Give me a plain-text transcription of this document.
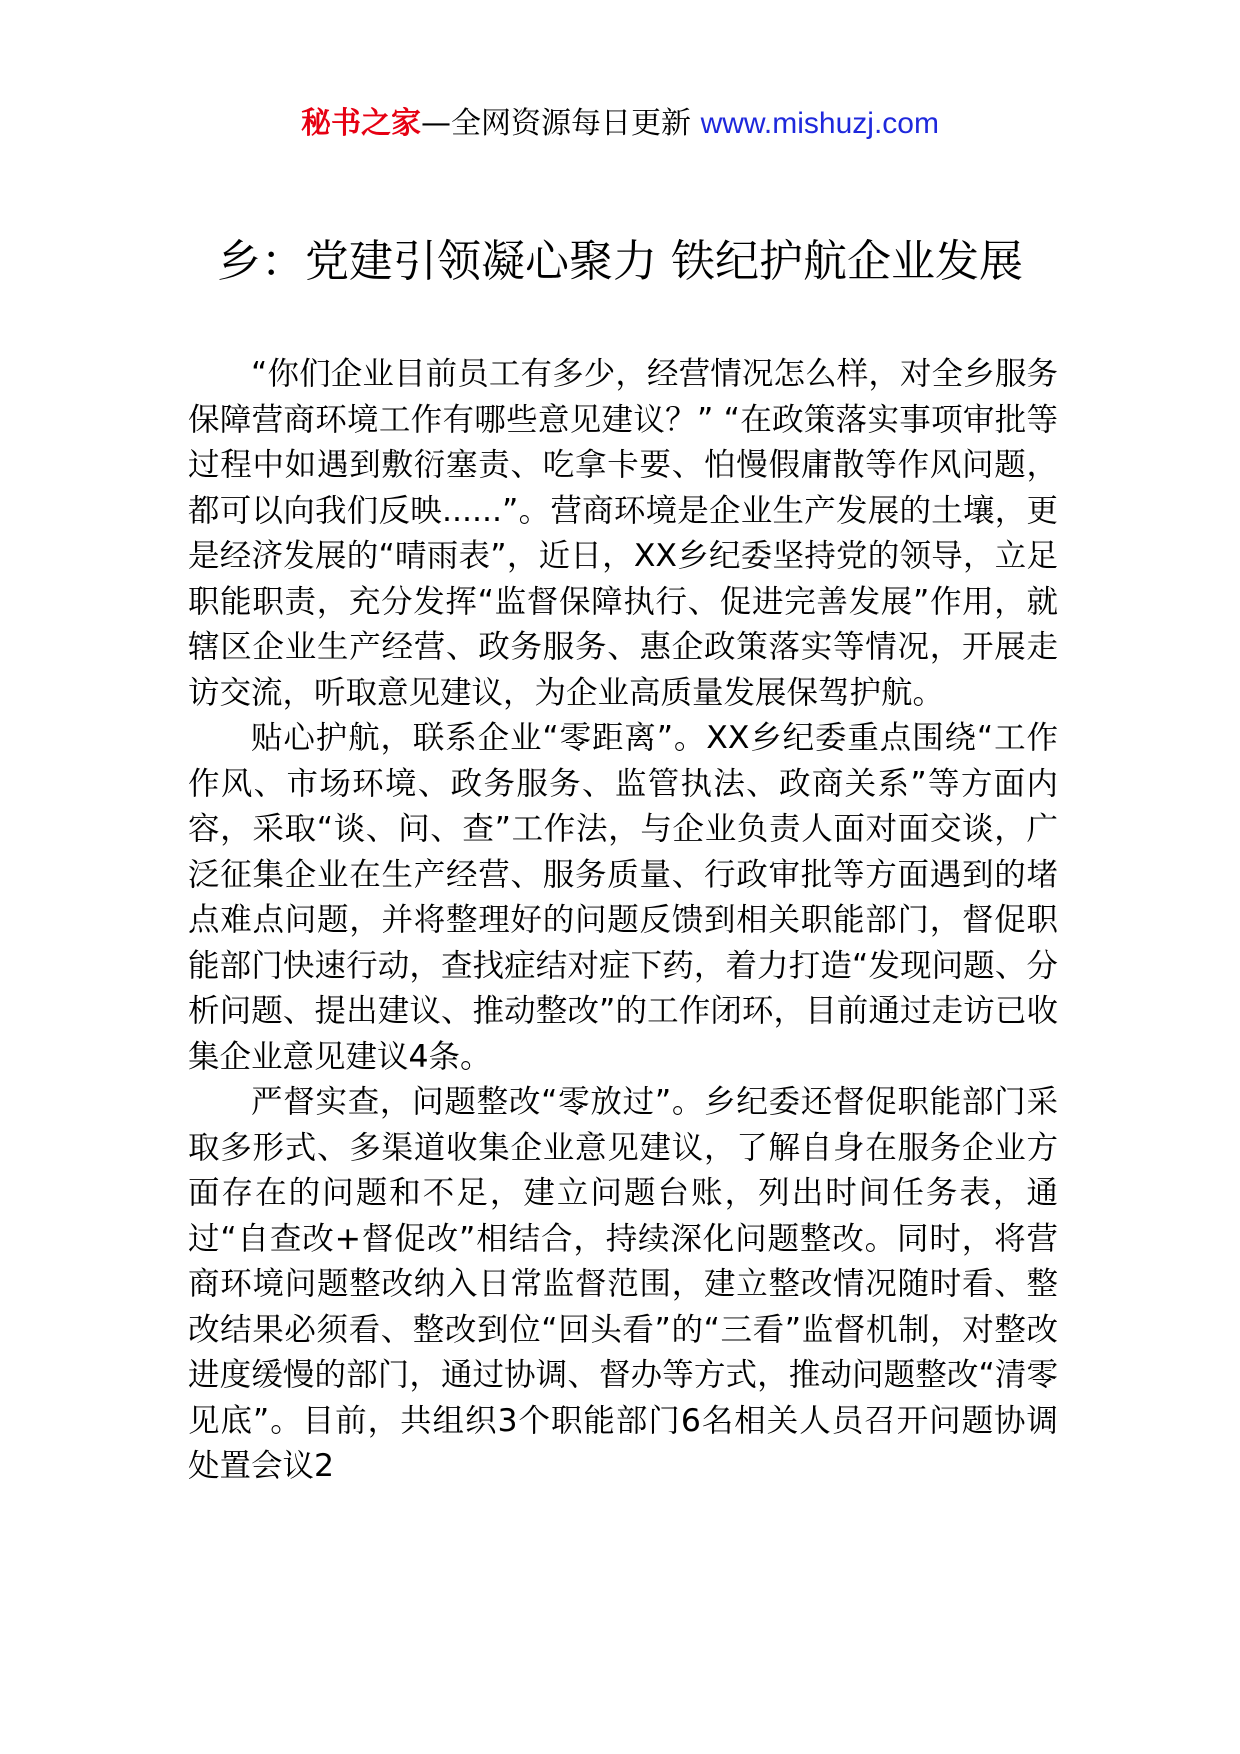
秘书之家—全网资源每日更新 www.mishuzj.com
乡：党建引领凝心聚力 铁纪护航企业发展

“你们企业目前员工有多少，经营情况怎么样，对全乡服务保障营商环境工作有哪些意见建议？” “在政策落实事项审批等过程中如遇到敷衍塞责、吃拿卡要、怕慢假庸散等作风问题，都可以向我们反映......”。营商环境是企业生产发展的土壤，更是经济发展的“晴雨表”，近日，XX乡纪委坚持党的领导，立足职能职责，充分发挥“监督保障执行、促进完善发展”作用，就辖区企业生产经营、政务服务、惠企政策落实等情况，开展走访交流，听取意见建议，为企业高质量发展保驾护航。

贴心护航，联系企业“零距离”。XX乡纪委重点围绕“工作作风、市场环境、政务服务、监管执法、政商关系”等方面内容，采取“谈、问、查”工作法，与企业负责人面对面交谈，广泛征集企业在生产经营、服务质量、行政审批等方面遇到的堵点难点问题，并将整理好的问题反馈到相关职能部门，督促职能部门快速行动，查找症结对症下药，着力打造“发现问题、分析问题、提出建议、推动整改”的工作闭环，目前通过走访已收集企业意见建议4条。

严督实查，问题整改“零放过”。乡纪委还督促职能部门采取多形式、多渠道收集企业意见建议，了解自身在服务企业方面存在的问题和不足，建立问题台账，列出时间任务表，通过“自查改+督促改”相结合，持续深化问题整改。同时，将营商环境问题整改纳入日常监督范围，建立整改情况随时看、整改结果必须看、整改到位“回头看”的“三看”监督机制，对整改进度缓慢的部门，通过协调、督办等方式，推动问题整改“清零见底”。目前，共组织3个职能部门6名相关人员召开问题协调处置会议2
